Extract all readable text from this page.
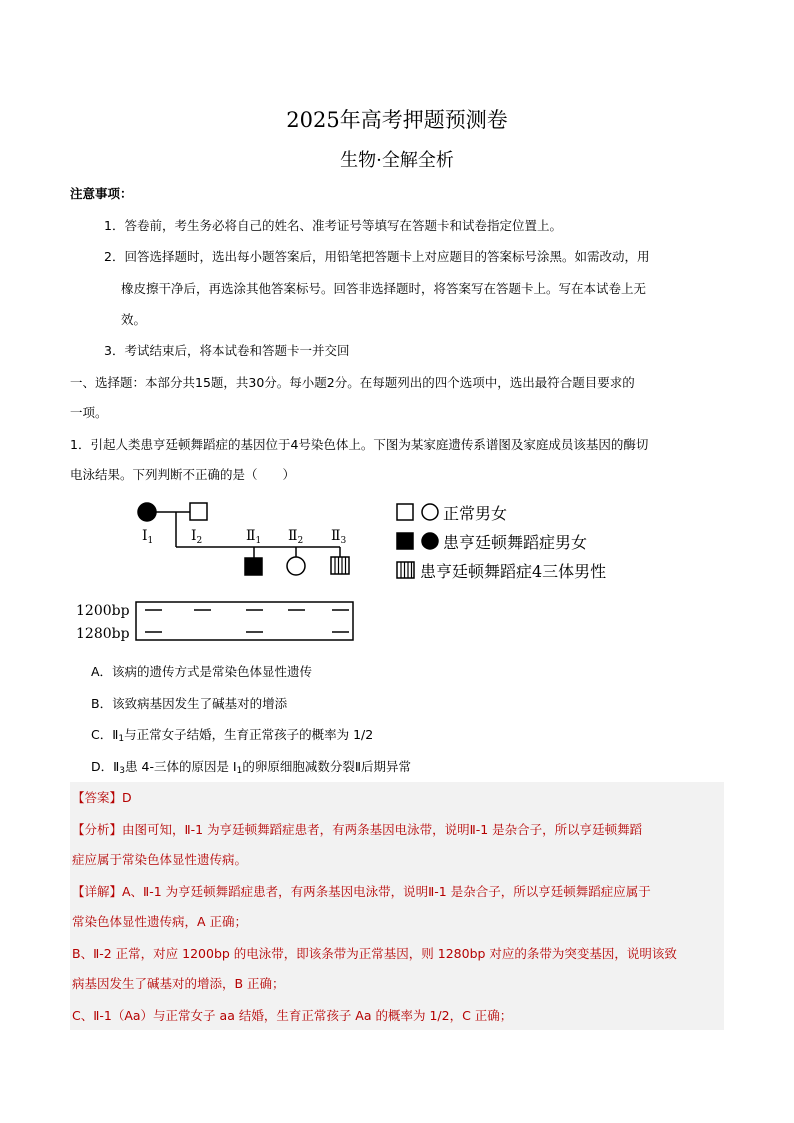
2025年高考押题预测卷
生物·全解全析
注意事项：
1．答卷前，考生务必将自己的姓名、准考证号等填写在答题卡和试卷指定位置上。
2．回答选择题时，选出每小题答案后，用铅笔把答题卡上对应题目的答案标号涂黑。如需改动，用
橡皮擦干净后，再选涂其他答案标号。回答非选择题时，将答案写在答题卡上。写在本试卷上无
效。
3．考试结束后，将本试卷和答题卡一并交回
一、选择题：本部分共15题，共30分。每小题2分。在每题列出的四个选项中，选出最符合题目要求的
一项。
1．引起人类患亨廷顿舞蹈症的基因位于4号染色体上。下图为某家庭遗传系谱图及家庭成员该基因的酶切
电泳结果。下列判断不正确的是（　　）
$Ⅰ_1$	$Ⅰ_2$	$Ⅱ_1$ $Ⅱ_2$ $Ⅱ_3$
正常男女
患亨廷顿舞蹈症男女
患亨廷顿舞蹈症4三体男性
1200bp
1280bp
A．该病的遗传方式是常染色体显性遗传
B．该致病基因发生了碱基对的增添
C．$Ⅱ_1$与正常女子结婚，生育正常孩子的概率为 1/2
D．$Ⅱ_3$患 4-三体的原因是 $Ⅰ_1$的卵原细胞减数分裂Ⅱ后期异常
【答案】D
【分析】由图可知，Ⅱ-1 为亨廷顿舞蹈症患者，有两条基因电泳带，说明Ⅱ-1 是杂合子，所以亨廷顿舞蹈
症应属于常染色体显性遗传病。
【详解】A、Ⅱ-1 为亨廷顿舞蹈症患者，有两条基因电泳带，说明Ⅱ-1 是杂合子，所以亨廷顿舞蹈症应属于
常染色体显性遗传病，A 正确；
B、Ⅱ-2 正常，对应 1200bp 的电泳带，即该条带为正常基因，则 1280bp 对应的条带为突变基因，说明该致
病基因发生了碱基对的增添，B 正确；
C、Ⅱ-1（Aa）与正常女子 aa 结婚，生育正常孩子 Aa 的概率为 1/2，C 正确；
